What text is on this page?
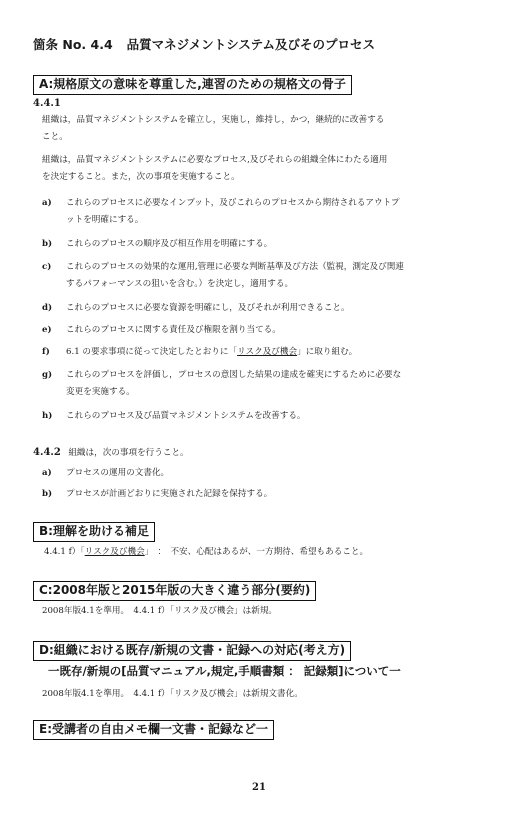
箇条 No. 4.4 品質マネジメントシステム及びそのプロセス
A:規格原文の意味を尊重した,連習のための規格文の骨子
4.4.1
組織は，品質マネジメントシステムを確立し，実施し，維持し，かつ，継続的に改善する
こと。
組織は，品質マネジメントシステムに必要なプロセス,及びそれらの組織全体にわたる適用
を決定すること。また，次の事項を実施すること。
a) これらのプロセスに必要なインプット，及びこれらのプロセスから期待されるアウトプ
ットを明確にする。
b) これらのプロセスの順序及び相互作用を明確にする。
c) これらのプロセスの効果的な運用,管理に必要な判断基準及び方法（監視，測定及び関連
するパフォーマンスの狙いを含む。）を決定し，適用する。
d) これらのプロセスに必要な資源を明確にし，及びそれが利用できること。
e) これらのプロセスに関する責任及び権限を割り当てる。
f) 6.1 の要求事項に従って決定したとおりに「リスク及び機会」に取り組む。
g) これらのプロセスを評価し，プロセスの意図した結果の達成を確実にするために必要な
変更を実施する。
h) これらのプロセス及び品質マネジメントシステムを改善する。
4.4.2 組織は，次の事項を行うこと。
a) プロセスの運用の文書化。
b) プロセスが計画どおりに実施された記録を保持する。
B:理解を助ける補足
4.4.1 f）「リスク及び機会」　：　不安、心配はあるが、一方期待、希望もあること。
C:2008年版と2015年版の大きく違う部分(要約)
2008年版4.1を準用。　4.4.1 f）「リスク及び機会」は新規。
D:組織における既存/新規の文書・記録への対応(考え方)
一既存/新規の[品質マニュアル,規定,手順書類 ： 記録類]について一
2008年版4.1を準用。　4.4.1 f）「リスク及び機会」は新規文書化。
E:受講者の自由メモ欄一文書・記録など一
21
